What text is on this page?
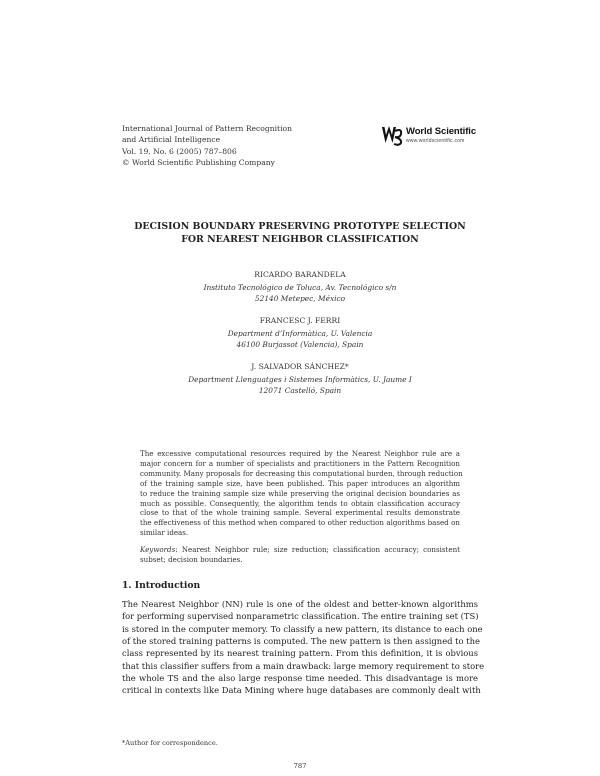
International Journal of Pattern Recognition
and Artificial Intelligence
Vol. 19, No. 6 (2005) 787–806
© World Scientific Publishing Company
World Scientific
www.worldscientific.com
DECISION BOUNDARY PRESERVING PROTOTYPE SELECTION
FOR NEAREST NEIGHBOR CLASSIFICATION
RICARDO BARANDELA
Instituto Tecnológico de Toluca, Av. Tecnológico s/n
52140 Metepec, México
FRANCESC J. FERRI
Department d’Informàtica, U. Valencia
46100 Burjassot (Valencia), Spain
J. SALVADOR SÁNCHEZ*
Department Llenguatges i Sistemes Informàtics, U. Jaume I
12071 Castelló, Spain
The excessive computational resources required by the Nearest Neighbor rule are a
major concern for a number of specialists and practitioners in the Pattern Recognition
community. Many proposals for decreasing this computational burden, through reduction
of the training sample size, have been published. This paper introduces an algorithm
to reduce the training sample size while preserving the original decision boundaries as
much as possible. Consequently, the algorithm tends to obtain classification accuracy
close to that of the whole training sample. Several experimental results demonstrate
the effectiveness of this method when compared to other reduction algorithms based on
similar ideas.
Keywords: Nearest Neighbor rule; size reduction; classification accuracy; consistent
subset; decision boundaries.
1. Introduction
The Nearest Neighbor (NN) rule is one of the oldest and better-known algorithms
for performing supervised nonparametric classification. The entire training set (TS)
is stored in the computer memory. To classify a new pattern, its distance to each one
of the stored training patterns is computed. The new pattern is then assigned to the
class represented by its nearest training pattern. From this definition, it is obvious
that this classifier suffers from a main drawback: large memory requirement to store
the whole TS and the also large response time needed. This disadvantage is more
critical in contexts like Data Mining where huge databases are commonly dealt with
*Author for correspondence.
787
